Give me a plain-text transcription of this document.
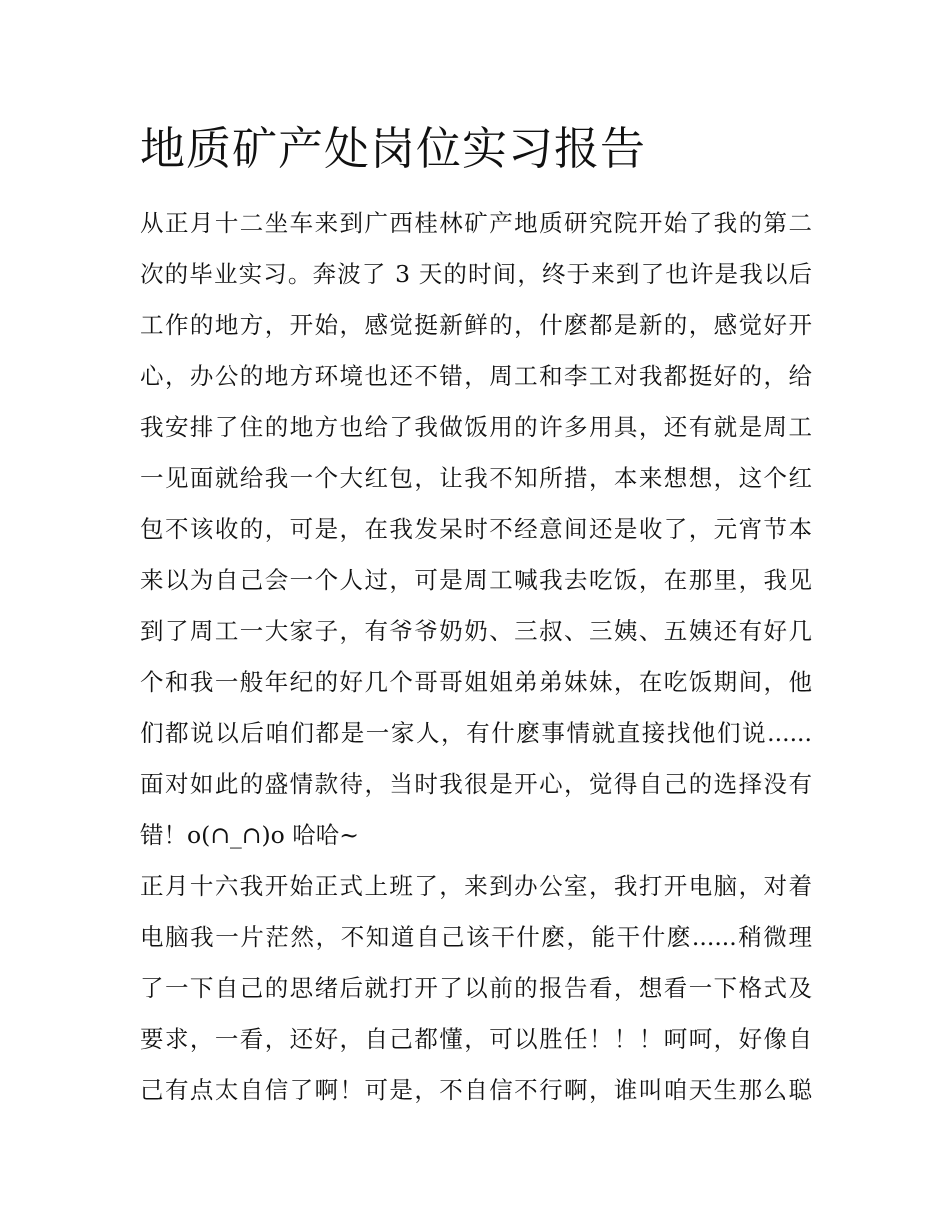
地质矿产处岗位实习报告
从正月十二坐车来到广西桂林矿产地质研究院开始了我的第二
次的毕业实习。奔波了 3 天的时间，终于来到了也许是我以后
工作的地方，开始，感觉挺新鲜的，什麽都是新的，感觉好开
心，办公的地方环境也还不错，周工和李工对我都挺好的，给
我安排了住的地方也给了我做饭用的许多用具，还有就是周工
一见面就给我一个大红包，让我不知所措，本来想想，这个红
包不该收的，可是，在我发呆时不经意间还是收了，元宵节本
来以为自己会一个人过，可是周工喊我去吃饭，在那里，我见
到了周工一大家子，有爷爷奶奶、三叔、三姨、五姨还有好几
个和我一般年纪的好几个哥哥姐姐弟弟妹妹，在吃饭期间，他
们都说以后咱们都是一家人，有什麽事情就直接找他们说......
面对如此的盛情款待，当时我很是开心，觉得自己的选择没有
错！o(∩_∩)o 哈哈~
正月十六我开始正式上班了，来到办公室，我打开电脑，对着
电脑我一片茫然，不知道自己该干什麽，能干什麽......稍微理
了一下自己的思绪后就打开了以前的报告看，想看一下格式及
要求，一看，还好，自己都懂，可以胜任！！！呵呵，好像自
己有点太自信了啊！可是，不自信不行啊，谁叫咱天生那么聪
